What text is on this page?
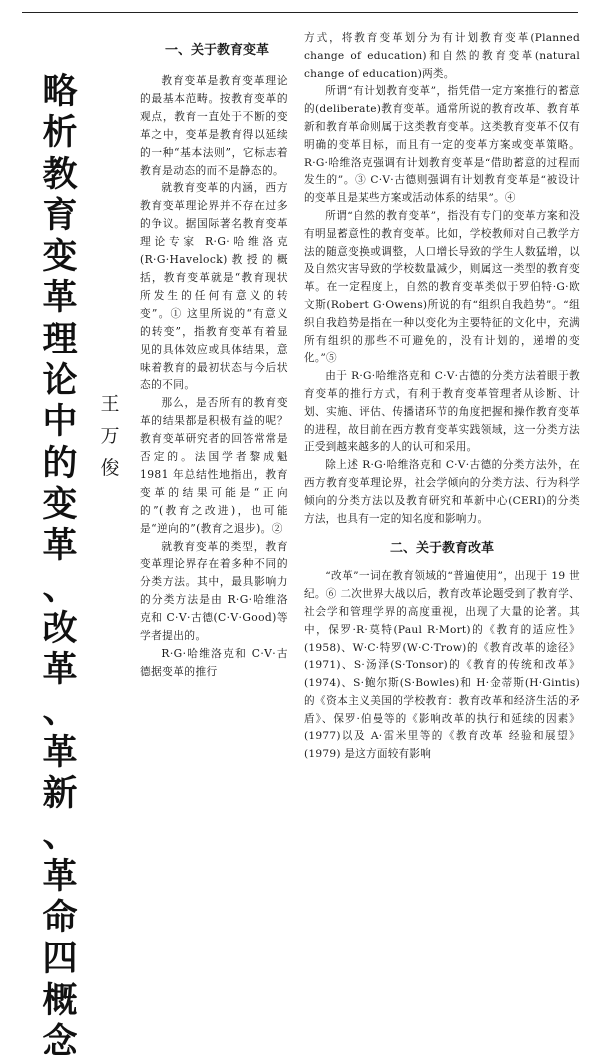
略
析
教
育
变
革
理
论
中
的
变
革
、
改
革
、
革
新
、
革
命
四
概
念
王
万
俊
一、关于教育变革

教育变革是教育变革理论的最基本范畴。按教育变革的观点，教育一直处于不断的变革之中，变革是教育得以延续的一种“基本法则”，它标志着教育是动态的而不是静态的。

就教育变革的内涵，西方教育变革理论界并不存在过多的争议。据国际著名教育变革理论专家 R·G·哈维洛克(R·G·Havelock)教授的概括，教育变革就是“教育现状所发生的任何有意义的转变”。① 这里所说的“有意义的转变”，指教育变革有着显见的具体效应或具体结果，意味着教育的最初状态与今后状态的不同。

那么，是否所有的教育变革的结果都是积极有益的呢？教育变革研究者的回答常常是否定的。法国学者黎成魁 1981 年总结性地指出，教育变革的结果可能是“正向的”(教育之改进)，也可能是“逆向的”(教育之退步)。②

就教育变革的类型，教育变革理论界存在着多种不同的分类方法。其中，最具影响力的分类方法是由 R·G·哈维洛克和 C·V·古德(C·V·Good)等学者提出的。

R·G·哈维洛克和 C·V·古德据变革的推行

方式，将教育变革划分为有计划教育变革(Planned change of education)和自然的教育变革(natural change of education)两类。

所谓“有计划教育变革”，指凭借一定方案推行的蓄意的(deliberate)教育变革。通常所说的教育改革、教育革新和教育革命则属于这类教育变革。这类教育变革不仅有明确的变革目标，而且有一定的变革方案或变革策略。R·G·哈维洛克强调有计划教育变革是“借助蓄意的过程而发生的”。③ C·V·古德则强调有计划教育变革是“被设计的变革且是某些方案或活动体系的结果”。④

所谓“自然的教育变革”，指没有专门的变革方案和没有明显蓄意性的教育变革。比如，学校教师对自己教学方法的随意变换或调整，人口增长导致的学生人数猛增，以及自然灾害导致的学校数量减少，则属这一类型的教育变革。在一定程度上，自然的教育变革类似于罗伯特·G·欧文斯(Robert G·Owens)所说的有“组织自我趋势”。“组织自我趋势是指在一种以变化为主要特征的文化中，充满所有组织的那些不可避免的，没有计划的，递增的变化。”⑤

由于 R·G·哈维洛克和 C·V·古德的分类方法着眼于教育变革的推行方式，有利于教育变革管理者从诊断、计划、实施、评估、传播诸环节的角度把握和操作教育变革的进程，故目前在西方教育变革实践领域，这一分类方法正受到越来越多的人的认可和采用。

除上述 R·G·哈维洛克和 C·V·古德的分类方法外，在西方教育变革理论界，社会学倾向的分类方法、行为科学倾向的分类方法以及教育研究和革新中心(CERI)的分类方法，也具有一定的知名度和影响力。

二、关于教育改革

“改革”一词在教育领域的“普遍使用”，出现于 19 世纪。⑥ 二次世界大战以后，教育改革论题受到了教育学、社会学和管理学界的高度重视，出现了大量的论著。其中，保罗·R·莫特(Paul R·Mort)的《教育的适应性》(1958)、W·C·特罗(W·C·Trow)的《教育改革的途径》(1971)、S·汤泽(S·Tonsor)的《教育的传统和改革》(1974)、S·鲍尔斯(S·Bowles)和 H·金蒂斯(H·Gintis)的《资本主义美国的学校教育：教育改革和经济生活的矛盾》、保罗·伯曼等的《影响改革的执行和延续的因素》(1977)以及 A·雷米里等的《教育改革 经验和展望》(1979) 是这方面较有影响
